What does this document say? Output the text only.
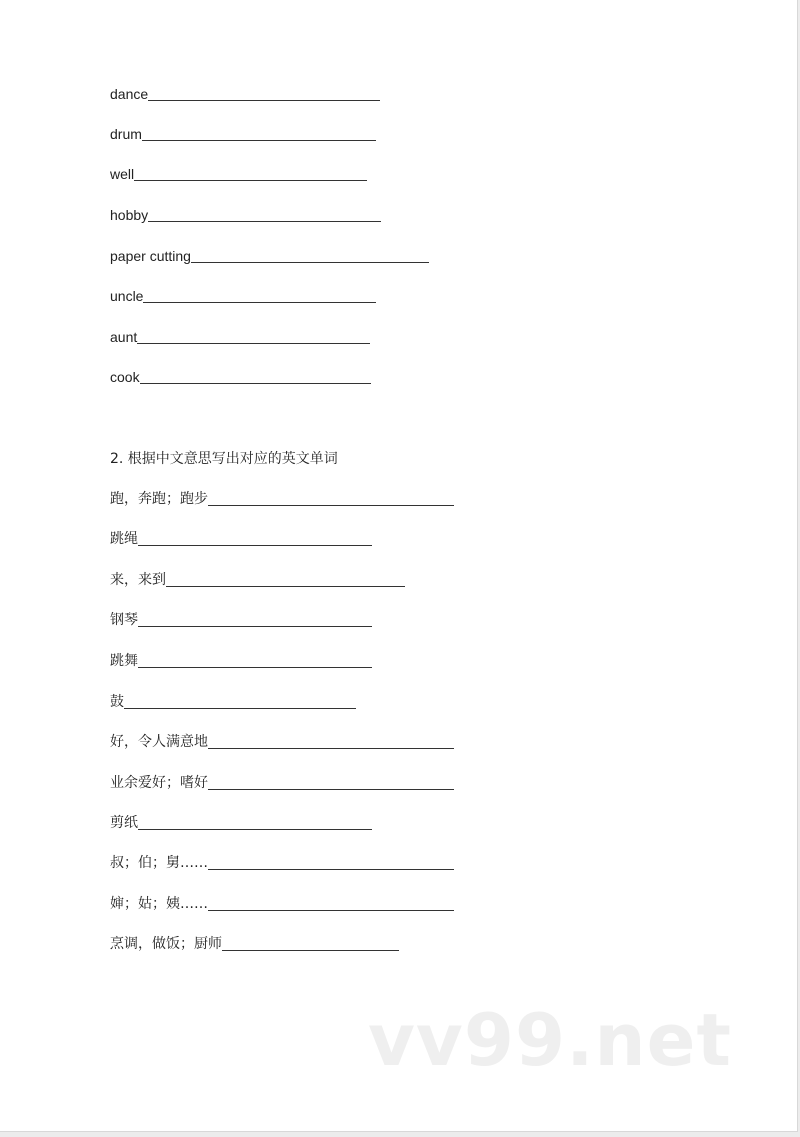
dance
drum
well
hobby
paper cutting
uncle
aunt
cook
2. 根据中文意思写出对应的英文单词
跑，奔跑；跑步
跳绳
来，来到
钢琴
跳舞
鼓
好，令人满意地
业余爱好；嗜好
剪纸
叔；伯；舅……
婶；姑；姨……
烹调，做饭；厨师
vv99.net
